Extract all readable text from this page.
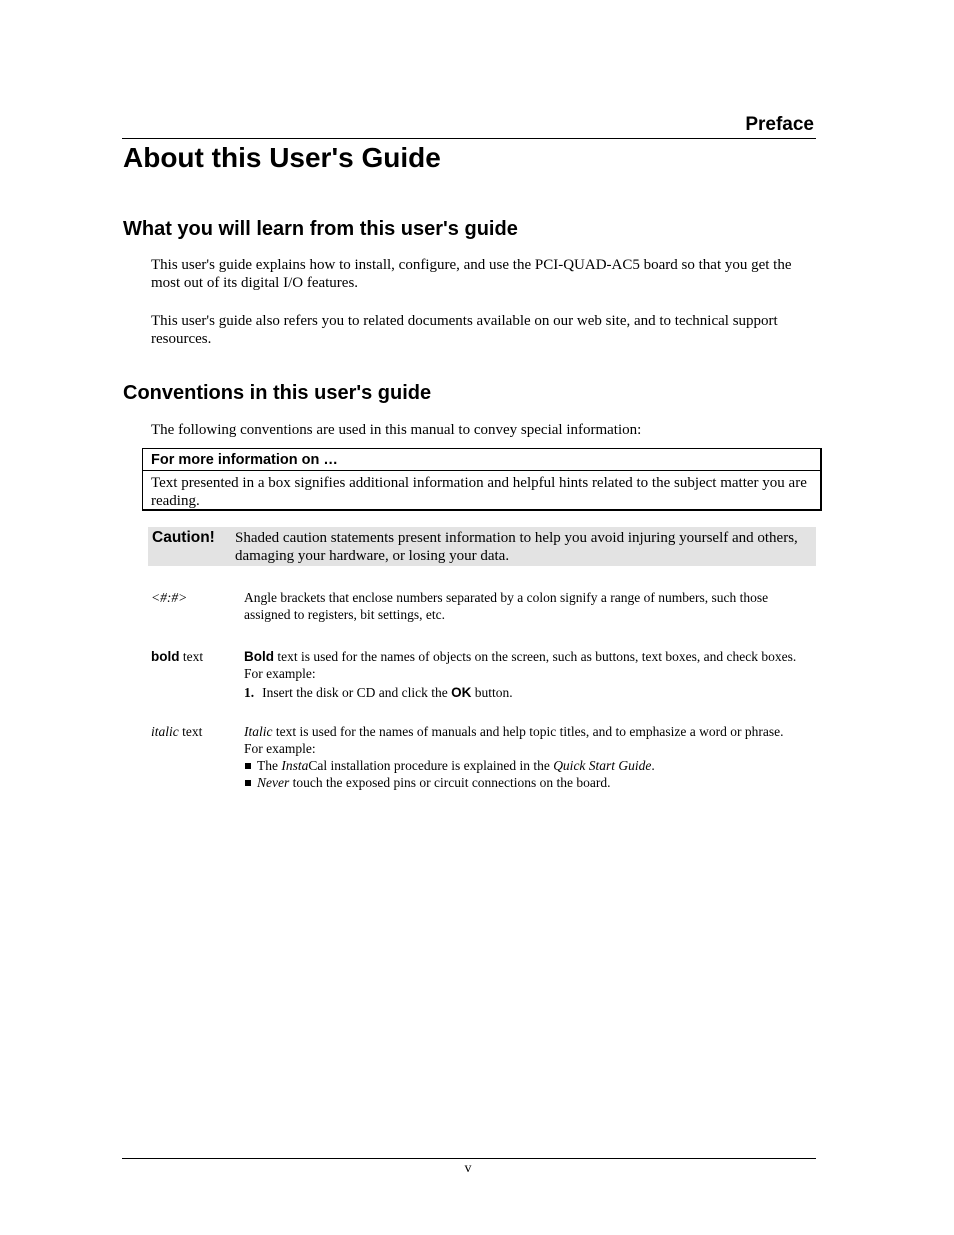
Preface
About this User's Guide
What you will learn from this user's guide

This user's guide explains how to install, configure, and use the PCI-QUAD-AC5 board so that you get the most out of its digital I/O features.

This user's guide also refers you to related documents available on our web site, and to technical support resources.

Conventions in this user's guide

The following conventions are used in this manual to convey special information:

For more information on …
Text presented in a box signifies additional information and helpful hints related to the subject matter you are reading.
Caution! Shaded caution statements present information to help you avoid injuring yourself and others, damaging your hardware, or losing your data.
<#:#>	Angle brackets that enclose numbers separated by a colon signify a range of numbers, such those assigned to registers, bit settings, etc.
bold text	Bold text is used for the names of objects on the screen, such as buttons, text boxes, and check boxes. For example:
1. Insert the disk or CD and click the OK button.
italic text	Italic text is used for the names of manuals and help topic titles, and to emphasize a word or phrase. For example:
The InstaCal installation procedure is explained in the Quick Start Guide.
Never touch the exposed pins or circuit connections on the board.
v
